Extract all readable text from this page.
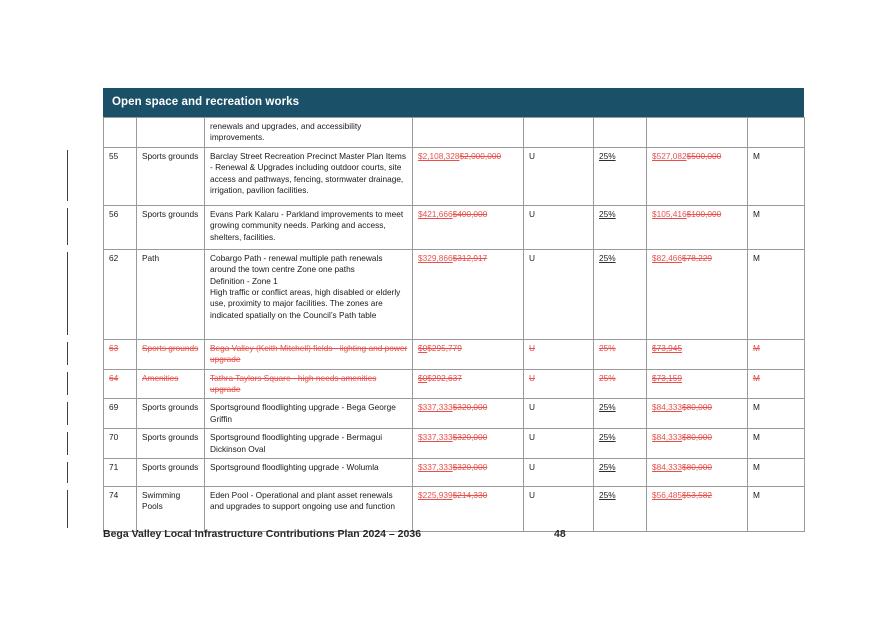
Open space and recreation works
		renewals and upgrades, and accessibility improvements.					
55	Sports grounds	Barclay Street Recreation Precinct Master Plan Items - Renewal & Upgrades including outdoor courts, site access and pathways, fencing, stormwater drainage, irrigation, pavilion facilities.	$2,108,328$2,000,000	U	25%	$527,082$500,000	M
56	Sports grounds	Evans Park Kalaru - Parkland improvements to meet growing community needs. Parking and access, shelters, facilities.	$421,666$400,000	U	25%	$105,416$100,000	M
62	Path	Cobargo Path - renewal multiple path renewals around the town centre Zone one paths
Definition - Zone 1
High traffic or conflict areas, high disabled or elderly use, proximity to major facilities. The zones are indicated spatially on the Council’s Path table	$329,866$312,917	U	25%	$82,466$78,229	M
63	Sports grounds	Bega Valley (Keith Mitchell) fields - lighting and power upgrade	$0$295,779	U	25%	$73,945	M
64	Amenities	Tathra Taylors Square - high needs amenities upgrade	$0$292,637	U	25%	$73,159	M
69	Sports grounds	Sportsground floodlighting upgrade - Bega George Griffin	$337,333$320,000	U	25%	$84,333$80,000	M
70	Sports grounds	Sportsground floodlighting upgrade - Bermagui Dickinson Oval	$337,333$320,000	U	25%	$84,333$80,000	M
71	Sports grounds	Sportsground floodlighting upgrade - Wolumla	$337,333$320,000	U	25%	$84,333$80,000	M
74	Swimming Pools	Eden Pool - Operational and plant asset renewals and upgrades to support ongoing use and function	$225,939$214,330	U	25%	$56,485$53,582	M
Bega Valley Local Infrastructure Contributions Plan 2024 – 2036	48
